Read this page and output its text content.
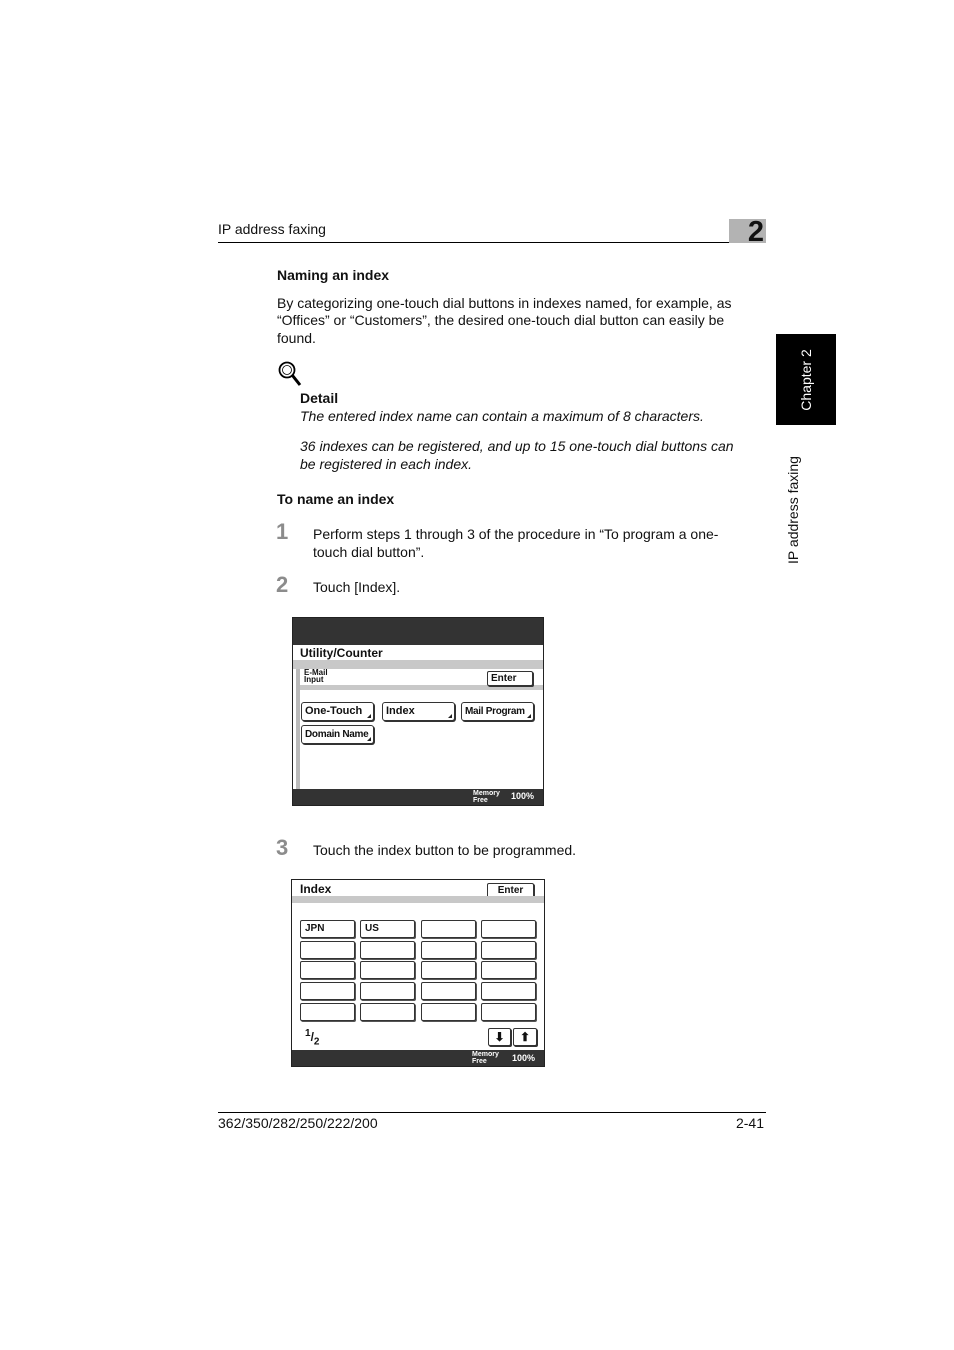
IP address faxing	2
Chapter 2
IP address faxing
Naming an index
By categorizing one-touch dial buttons in indexes named, for example, as
“Offices” or “Customers”, the desired one-touch dial button can easily be
found.
Detail
The entered index name can contain a maximum of 8 characters.
36 indexes can be registered, and up to 15 one-touch dial buttons can
be registered in each index.
To name an index
1 Perform steps 1 through 3 of the procedure in “To program a one-
touch dial button”.
2 Touch [Index].
Utility/Counter
E-Mail
Input	Enter
One-Touch	Index	Mail Program
Domain Name
Memory
Free	100%
3 Touch the index button to be programmed.
Index	Enter
JPN	US
$^1/_2$	⬇	⬆
Memory
Free	100%
362/350/282/250/222/200	2-41
